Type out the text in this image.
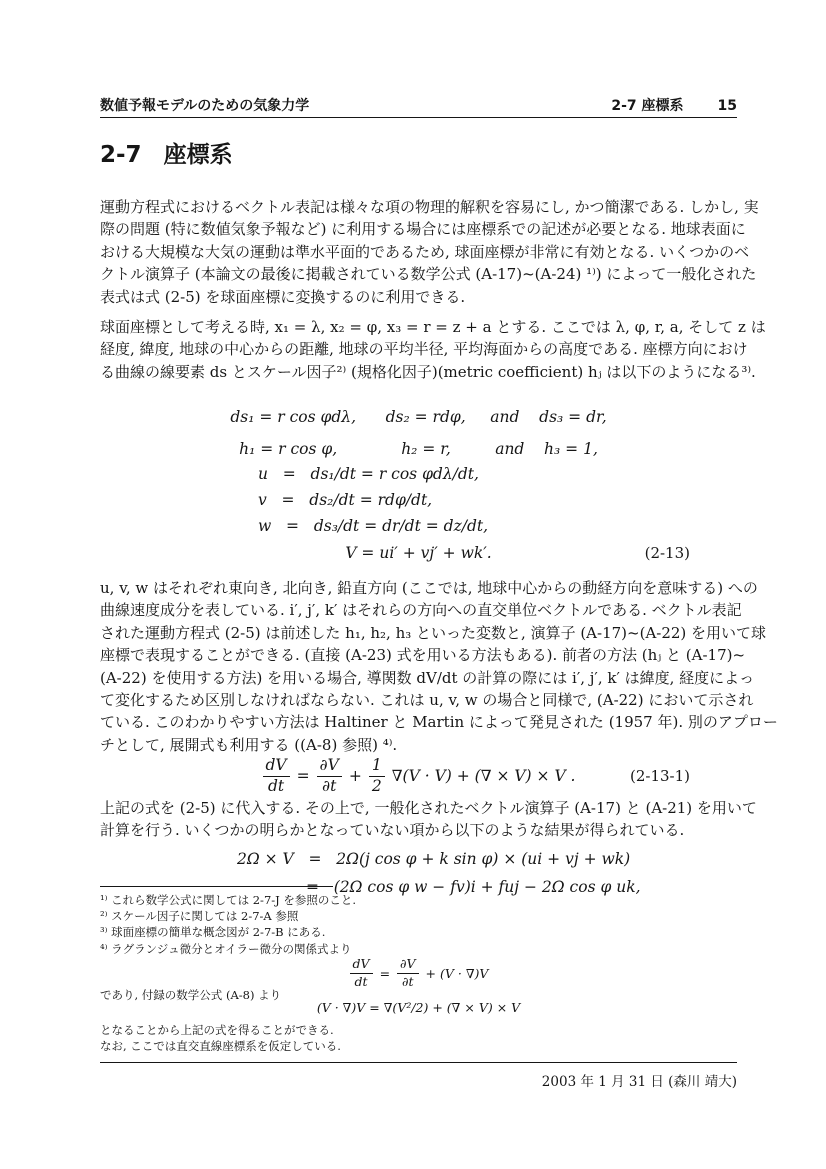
数値予報モデルのための気象力学	2-7 座標系 15
2-7 座標系
運動方程式におけるベクトル表記は様々な項の物理的解釈を容易にし, かつ簡潔である. しかし, 実
際の問題 (特に数値気象予報など) に利用する場合には座標系での記述が必要となる. 地球表面に
おける大規模な大気の運動は準水平面的であるため, 球面座標が非常に有効となる. いくつかのベ
クトル演算子 (本論文の最後に掲載されている数学公式 (A-17)~(A-24) ¹⁾) によって一般化された
表式は式 (2-5) を球面座標に変換するのに利用できる.
球面座標として考える時, x₁ = λ, x₂ = φ, x₃ = r = z + a とする. ここでは λ, φ, r, a, そして z は
経度, 緯度, 地球の中心からの距離, 地球の平均半径, 平均海面からの高度である. 座標方向におけ
る曲線の線要素 ds とスケール因子²⁾ (規格化因子)(metric coefficient) hⱼ は以下のようになる³⁾.
ds₁ = r cos φdλ,      ds₂ = rdφ,     and    ds₃ = dr,
h₁ = r cos φ,             h₂ = r,         and    h₃ = 1,
u   =   ds₁/dt = r cos φdλ/dt,
v   =   ds₂/dt = rdφ/dt,
w   =   ds₃/dt = dr/dt = dz/dt,
V = ui′ + vj′ + wk′.	(2-13)
u, v, w はそれぞれ東向き, 北向き, 鉛直方向 (ここでは, 地球中心からの動経方向を意味する) への
曲線速度成分を表している. i′, j′, k′ はそれらの方向への直交単位ベクトルである. ベクトル表記
された運動方程式 (2-5) は前述した h₁, h₂, h₃ といった変数と, 演算子 (A-17)~(A-22) を用いて球
座標で表現することができる. (直接 (A-23) 式を用いる方法もある). 前者の方法 (hⱼ と (A-17)~
(A-22) を使用する方法) を用いる場合, 導関数 dV/dt の計算の際には i′, j′, k′ は緯度, 経度によっ
て変化するため区別しなければならない. これは u, v, w の場合と同様で, (A-22) において示され
ている. このわかりやすい方法は Haltiner と Martin によって発見された (1957 年). 別のアプロー
チとして, 展開式も利用する ((A-8) 参照) ⁴⁾.
$\frac{dV}{dt} = \frac{\partial V}{\partial t} + \frac{1}{2} \nabla(V \cdot V)$ + (∇ × V) × V .	(2-13-1)
上記の式を (2-5) に代入する. その上で, 一般化されたベクトル演算子 (A-17) と (A-21) を用いて
計算を行う. いくつかの明らかとなっていない項から以下のような結果が得られている.
2Ω × V   =   2Ω(j cos φ + k sin φ) × (ui + vj + wk)
=   (2Ω cos φ w − fv)i + fuj − 2Ω cos φ uk,
¹⁾ これら数学公式に関しては 2-7-J を参照のこと.
²⁾ スケール因子に関しては 2-7-A 参照
³⁾ 球面座標の簡単な概念図が 2-7-B にある.
⁴⁾ ラグランジュ微分とオイラー微分の関係式より
$\frac{dV}{dt} = \frac{\partial V}{\partial t} + (V \cdot \nabla)V$
であり, 付録の数学公式 (A-8) より
(V · ∇)V = ∇(V²/2) + (∇ × V) × V
となることから上記の式を得ることができる.
なお, ここでは直交直線座標系を仮定している.
2003 年 1 月 31 日 (森川 靖大)
